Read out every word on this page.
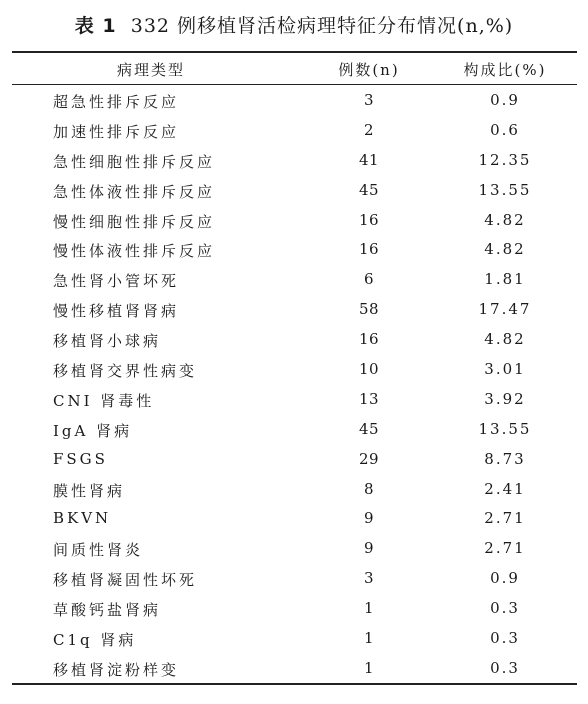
表 1 332 例移植肾活检病理特征分布情况(n,%)
病理类型	例数(n)	构成比(%)
超急性排斥反应	3	0.9
加速性排斥反应	2	0.6
急性细胞性排斥反应	41	12.35
急性体液性排斥反应	45	13.55
慢性细胞性排斥反应	16	4.82
慢性体液性排斥反应	16	4.82
急性肾小管坏死	6	1.81
慢性移植肾肾病	58	17.47
移植肾小球病	16	4.82
移植肾交界性病变	10	3.01
CNI 肾毒性	13	3.92
IgA 肾病	45	13.55
FSGS	29	8.73
膜性肾病	8	2.41
BKVN	9	2.71
间质性肾炎	9	2.71
移植肾凝固性坏死	3	0.9
草酸钙盐肾病	1	0.3
C1q 肾病	1	0.3
移植肾淀粉样变	1	0.3
